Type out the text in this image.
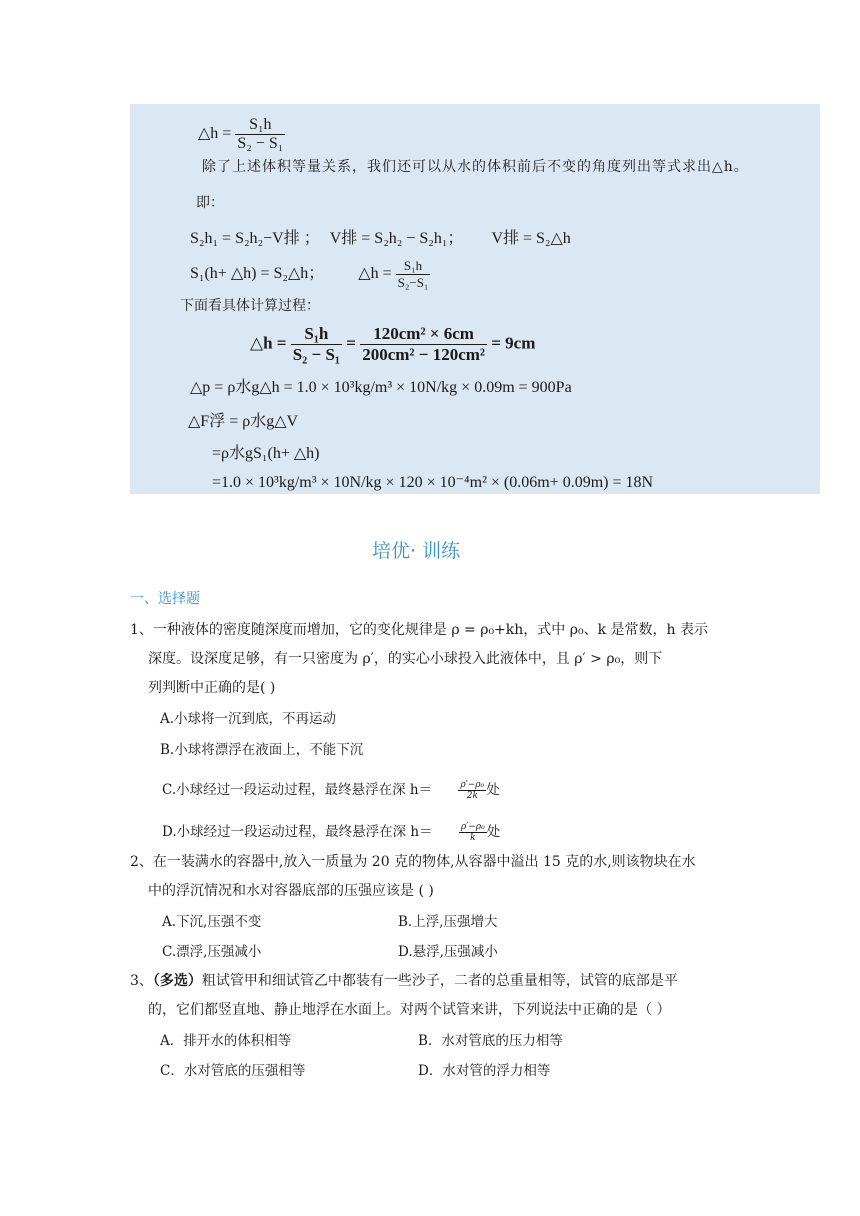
△h = $\frac{\text{S₁h}}{\text{S₂ − S₁}}$
除了上述体积等量关系，我们还可以从水的体积前后不变的角度列出等式求出△h。
即：
S₂h₁ = S₂h₂−V排 ； V排 = S₂h₂ − S₂h₁； V排 = S₂△h
S₁(h+ △h) = S₂△h； △h = $\frac{\text{S₁h}}{\text{S₂−S₁}}$
下面看具体计算过程：
△h = $\frac{\text{S₁h}}{\text{S₂ − S₁}} = \frac{\text{120cm² × 6cm}}{\text{200cm² − 120cm²}} = 9cm$
△p = ρ水g△h = 1.0 × 10³kg/m³ × 10N/kg × 0.09m = 900Pa
△F浮 = ρ水g△V
=ρ水gS₁(h+ △h)
=1.0 × 10³kg/m³ × 10N/kg × 120 × 10⁻⁴m² × (0.06m+ 0.09m) = 18N
培优· 训练
一、选择题
1、一种液体的密度随深度而增加，它的变化规律是 ρ = ρ₀+kh，式中 ρ₀、k 是常数，h 表示
深度。设深度足够，有一只密度为 ρ′，的实心小球投入此液体中，且 ρ′ > ρ₀，则下
列判断中正确的是( )
A.小球将一沉到底，不再运动
B.小球将漂浮在液面上，不能下沉
C.小球经过一段运动过程，最终悬浮在深 h＝	$\frac{\text{ρ′−ρ₀}}{2k}$ 处
D.小球经过一段运动过程，最终悬浮在深 h＝	$\frac{\text{ρ′−ρ₀}}{k}$ 处
2、在一装满水的容器中,放入一质量为 20 克的物体,从容器中溢出 15 克的水,则该物块在水
中的浮沉情况和水对容器底部的压强应该是 ( )
A.下沉,压强不变	B.上浮,压强增大
C.漂浮,压强减小	D.悬浮,压强减小
3、（多选）粗试管甲和细试管乙中都装有一些沙子，二者的总重量相等，试管的底部是平
的，它们都竖直地、静止地浮在水面上。对两个试管来讲，下列说法中正确的是（ ）
A．排开水的体积相等	B．水对管底的压力相等
C．水对管底的压强相等	D．水对管的浮力相等
